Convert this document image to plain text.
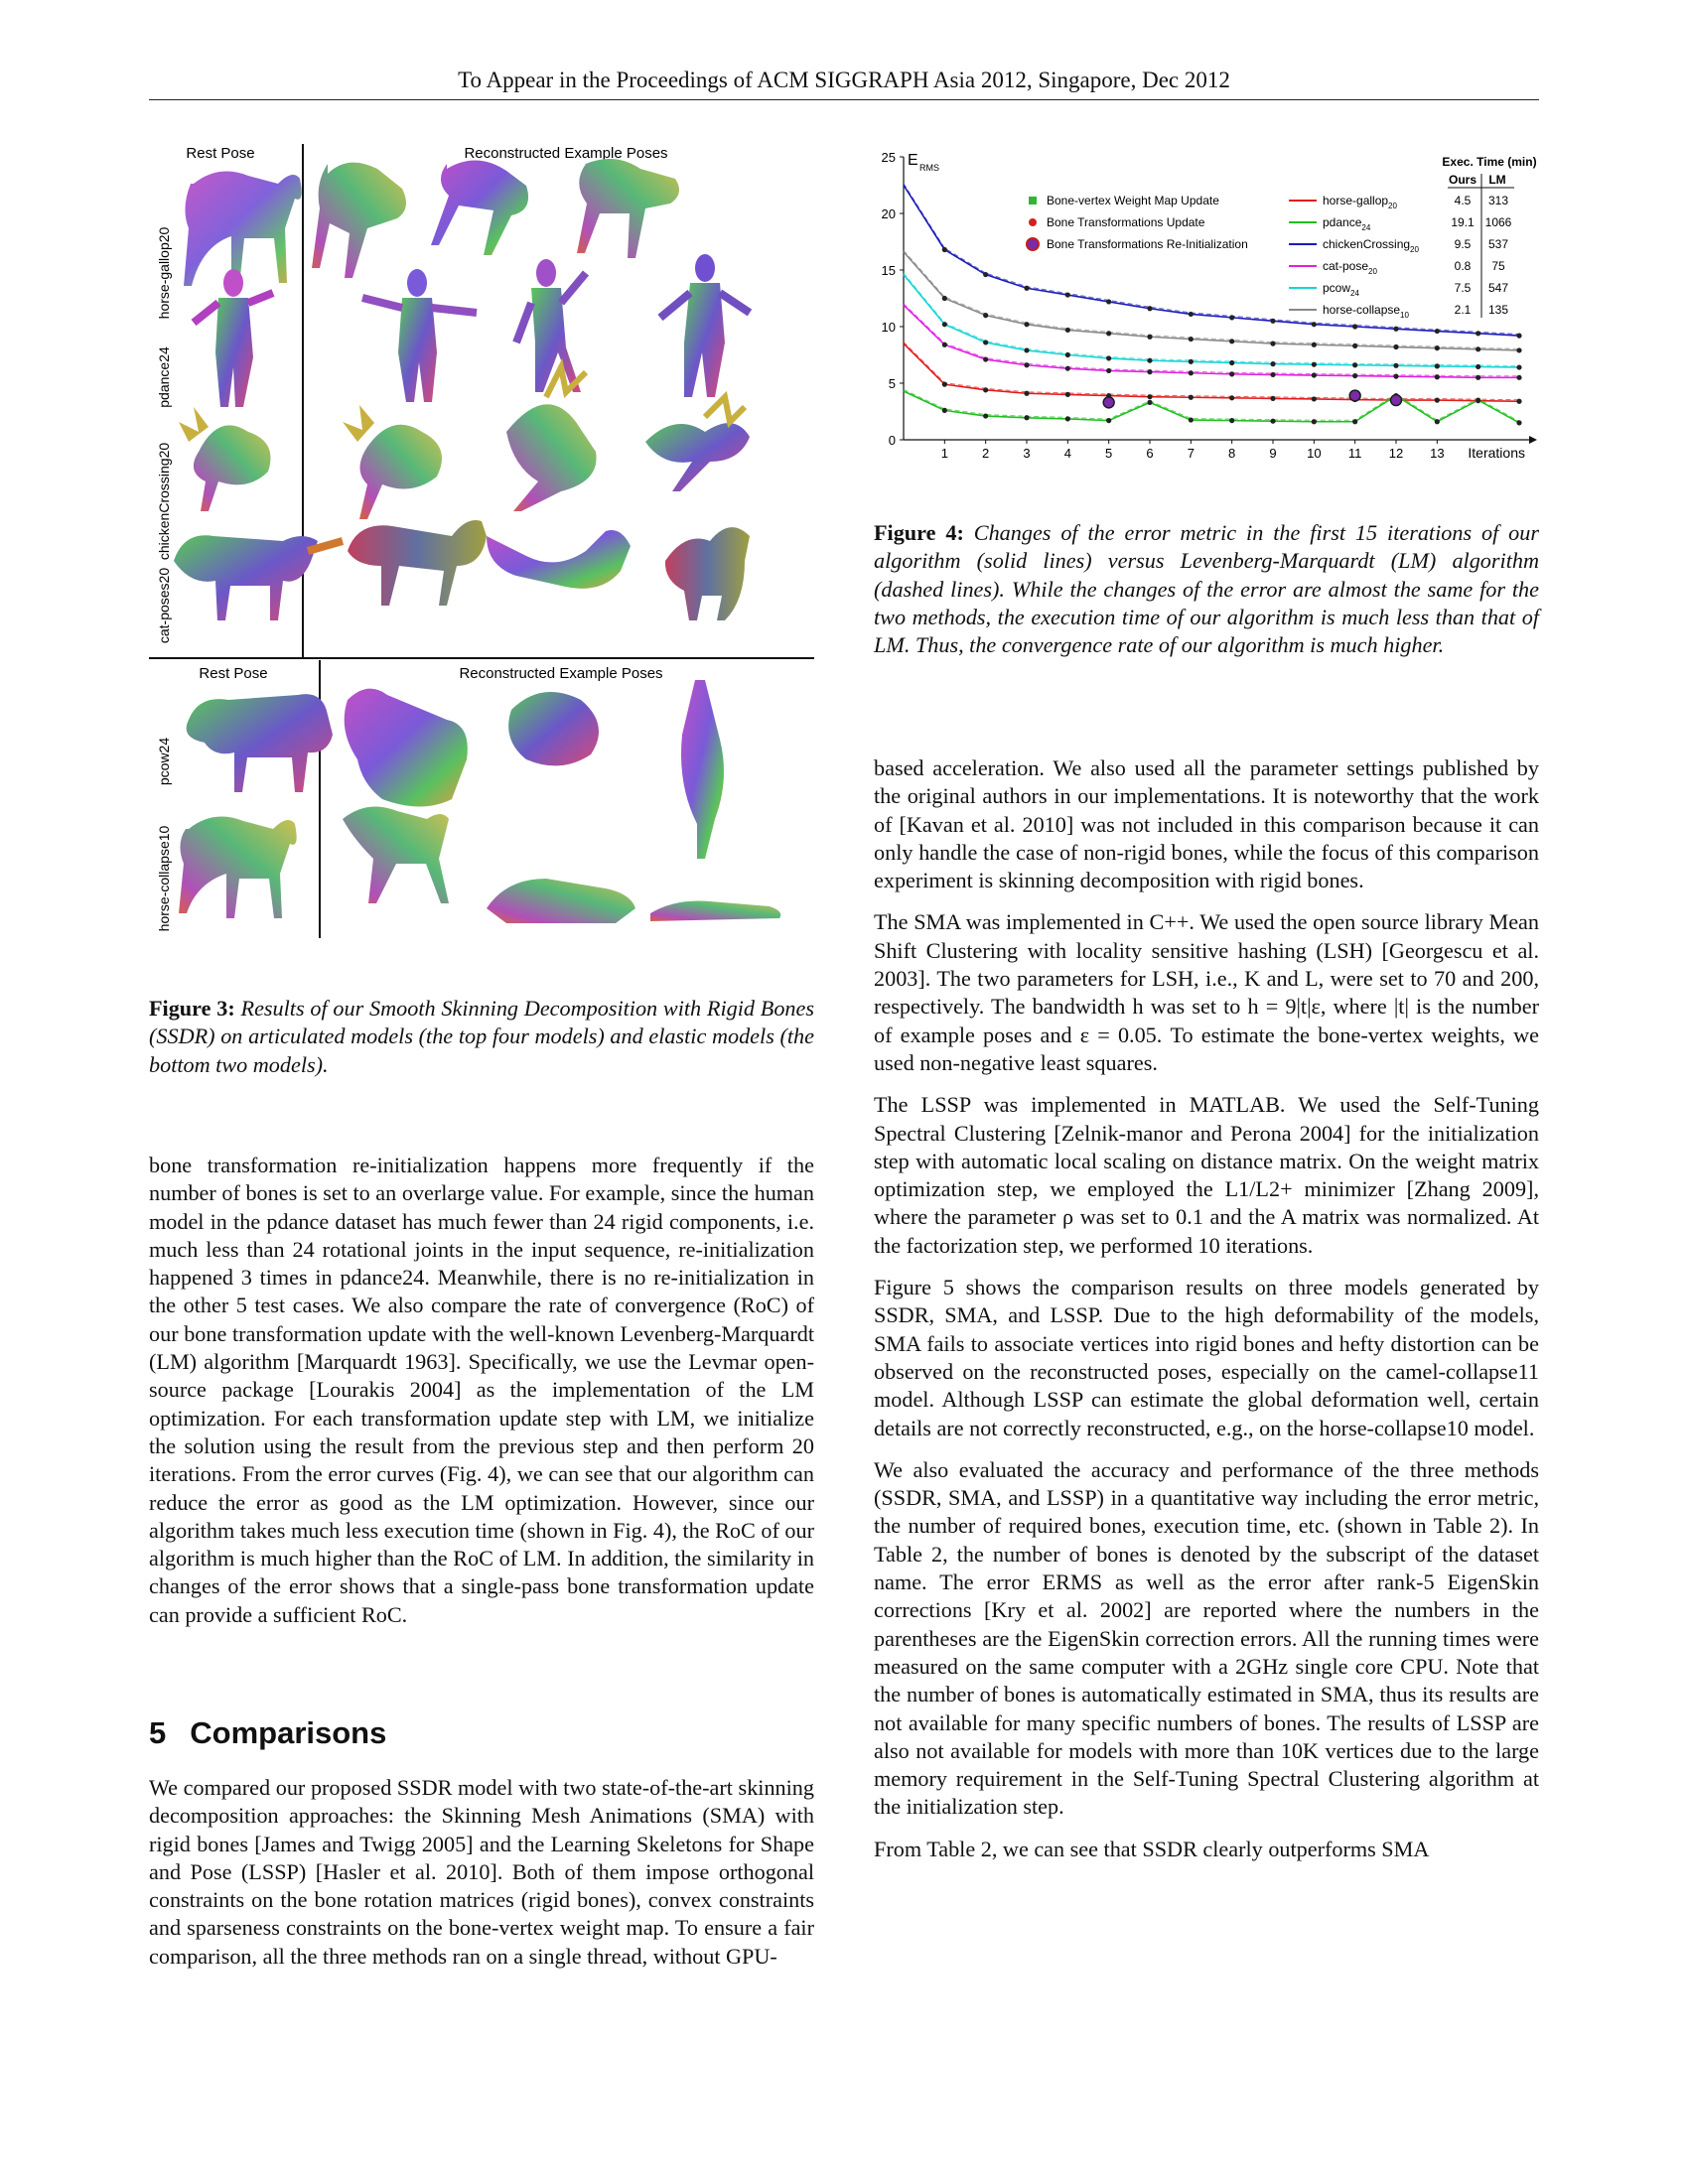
To Appear in the Proceedings of ACM SIGGRAPH Asia 2012, Singapore, Dec 2012
Rest Pose	Reconstructed Example Poses
Rest Pose	Reconstructed Example Poses
horse-gallop20
pdance24
chickenCrossing20
cat-poses20
pcow24
horse-collapse10
Figure 3: Results of our Smooth Skinning Decomposition with Rigid Bones (SSDR) on articulated models (the top four models) and elastic models (the bottom two models).
0
5
10
15
20
25
1	2	3	4	5	6	7	8	9 10 11 12 13
E RMS
Iterations
Bone-vertex Weight Map Update
Bone Transformations Update
Bone Transformations Re-Initialization
Exec. Time (min)
Ours LM
horse-gallop$_{20}$	4.5 313
pdance$_{24}$	19.1 1066
chickenCrossing$_{20}$	9.5 537
cat-pose$_{20}$	0.8 75
pcow$_{24}$	7.5 547
horse-collapse$_{10}$	2.1 135
Figure 4: Changes of the error metric in the first 15 iterations of our algorithm (solid lines) versus Levenberg-Marquardt (LM) algorithm (dashed lines). While the changes of the error are almost the same for the two methods, the execution time of our algorithm is much less than that of LM. Thus, the convergence rate of our algorithm is much higher.

bone transformation re-initialization happens more frequently if the number of bones is set to an overlarge value. For example, since the human model in the pdance dataset has much fewer than 24 rigid components, i.e. much less than 24 rotational joints in the input sequence, re-initialization happened 3 times in pdance24. Meanwhile, there is no re-initialization in the other 5 test cases. We also compare the rate of convergence (RoC) of our bone transformation update with the well-known Levenberg-Marquardt (LM) algorithm [Marquardt 1963]. Specifically, we use the Levmar open-source package [Lourakis 2004] as the implementation of the LM optimization. For each transformation update step with LM, we initialize the solution using the result from the previous step and then perform 20 iterations. From the error curves (Fig. 4), we can see that our algorithm can reduce the error as good as the LM optimization. However, since our algorithm takes much less execution time (shown in Fig. 4), the RoC of our algorithm is much higher than the RoC of LM. In addition, the similarity in changes of the error shows that a single-pass bone transformation update can provide a sufficient RoC.

5 Comparisons

We compared our proposed SSDR model with two state-of-the-art skinning decomposition approaches: the Skinning Mesh Animations (SMA) with rigid bones [James and Twigg 2005] and the Learning Skeletons for Shape and Pose (LSSP) [Hasler et al. 2010]. Both of them impose orthogonal constraints on the bone rotation matrices (rigid bones), convex constraints and sparseness constraints on the bone-vertex weight map. To ensure a fair comparison, all the three methods ran on a single thread, without GPU-

based acceleration. We also used all the parameter settings published by the original authors in our implementations. It is noteworthy that the work of [Kavan et al. 2010] was not included in this comparison because it can only handle the case of non-rigid bones, while the focus of this comparison experiment is skinning decomposition with rigid bones.

The SMA was implemented in C++. We used the open source library Mean Shift Clustering with locality sensitive hashing (LSH) [Georgescu et al. 2003]. The two parameters for LSH, i.e., K and L, were set to 70 and 200, respectively. The bandwidth h was set to h = 9|t|ε, where |t| is the number of example poses and ε = 0.05. To estimate the bone-vertex weights, we used non-negative least squares.

The LSSP was implemented in MATLAB. We used the Self-Tuning Spectral Clustering [Zelnik-manor and Perona 2004] for the initialization step with automatic local scaling on distance matrix. On the weight matrix optimization step, we employed the L1/L2+ minimizer [Zhang 2009], where the parameter ρ was set to 0.1 and the A matrix was normalized. At the factorization step, we performed 10 iterations.

Figure 5 shows the comparison results on three models generated by SSDR, SMA, and LSSP. Due to the high deformability of the models, SMA fails to associate vertices into rigid bones and hefty distortion can be observed on the reconstructed poses, especially on the camel-collapse11 model. Although LSSP can estimate the global deformation well, certain details are not correctly reconstructed, e.g., on the horse-collapse10 model.

We also evaluated the accuracy and performance of the three methods (SSDR, SMA, and LSSP) in a quantitative way including the error metric, the number of required bones, execution time, etc. (shown in Table 2). In Table 2, the number of bones is denoted by the subscript of the dataset name. The error ERMS as well as the error after rank-5 EigenSkin corrections [Kry et al. 2002] are reported where the numbers in the parentheses are the EigenSkin correction errors. All the running times were measured on the same computer with a 2GHz single core CPU. Note that the number of bones is automatically estimated in SMA, thus its results are not available for many specific numbers of bones. The results of LSSP are also not available for models with more than 10K vertices due to the large memory requirement in the Self-Tuning Spectral Clustering algorithm at the initialization step.

From Table 2, we can see that SSDR clearly outperforms SMA
